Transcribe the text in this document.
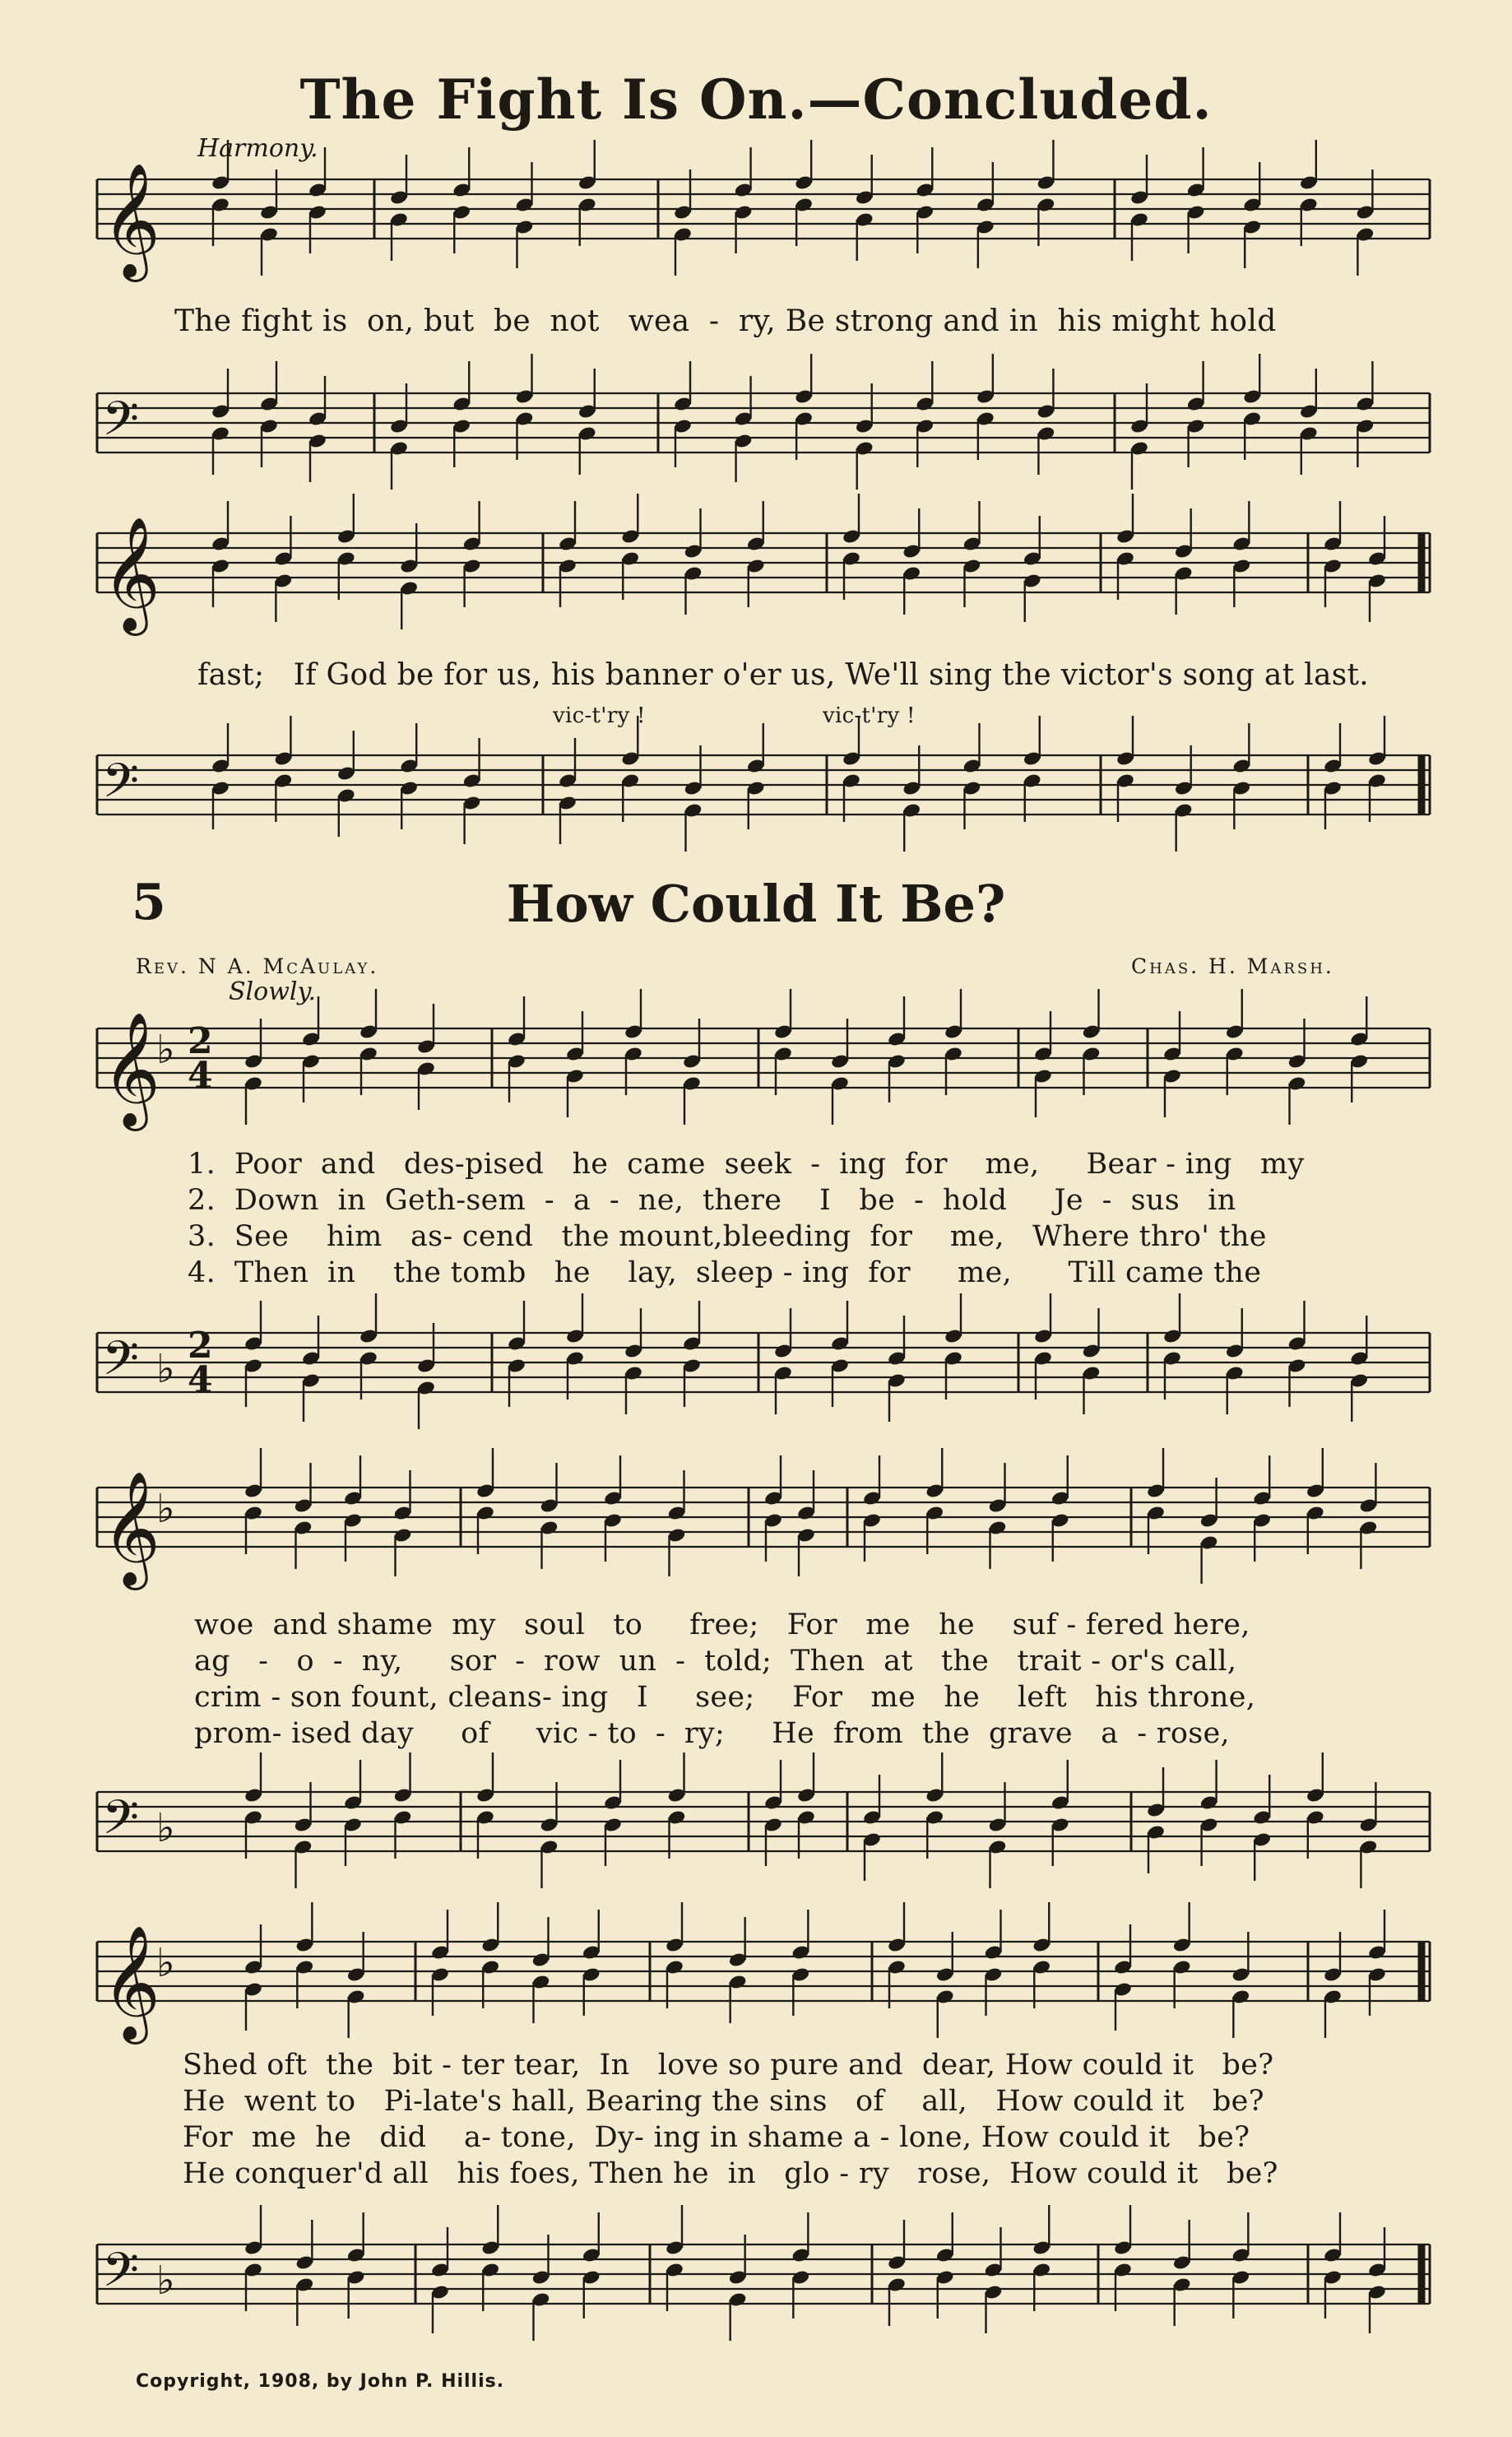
The Fight Is On.—Concluded.
Harmony.
The fight is  on, but  be  not   wea  -  ry, Be strong and in  his might hold
fast;   If God be for us, his banner o'er us, We'll sing the victor's song at last.
vic-t'ry !	vic-t'ry !
5	How Could It Be?
Rev. N A. McAulay.	Chas. H. Marsh.
Slowly.
1.  Poor  and   des-pised   he  came  seek  -  ing  for    me,     Bear - ing   my
2.  Down  in  Geth-sem  -  a  -  ne,  there    I   be  -  hold     Je  -  sus   in
3.  See    him   as- cend   the mount,bleeding  for    me,   Where thro' the
4.  Then  in    the tomb   he    lay,  sleep - ing  for     me,      Till came the
woe  and shame  my   soul   to     free;   For   me   he    suf - fered here,
ag   -   o  -  ny,     sor  -  row  un  -  told;  Then  at   the   trait - or's call,
crim - son fount, cleans- ing   I     see;    For   me   he    left   his throne,
prom- ised day     of     vic - to  -  ry;     He  from  the  grave   a  - rose,
Shed oft  the  bit - ter tear,  In   love so pure and  dear, How could it   be?
He  went to   Pi-late's hall, Bearing the sins   of    all,   How could it   be?
For  me  he   did    a- tone,  Dy- ing in shame a - lone, How could it   be?
He conquer'd all   his foes, Then he  in   glo - ry   rose,  How could it   be?
Copyright, 1908, by John P. Hillis.
𝄞
𝄢
𝄞
𝄢
𝄞
♭
𝄢 ♭
𝄞
♭
𝄢 ♭
𝄞
♭
𝄢 ♭
2
4
2
4
